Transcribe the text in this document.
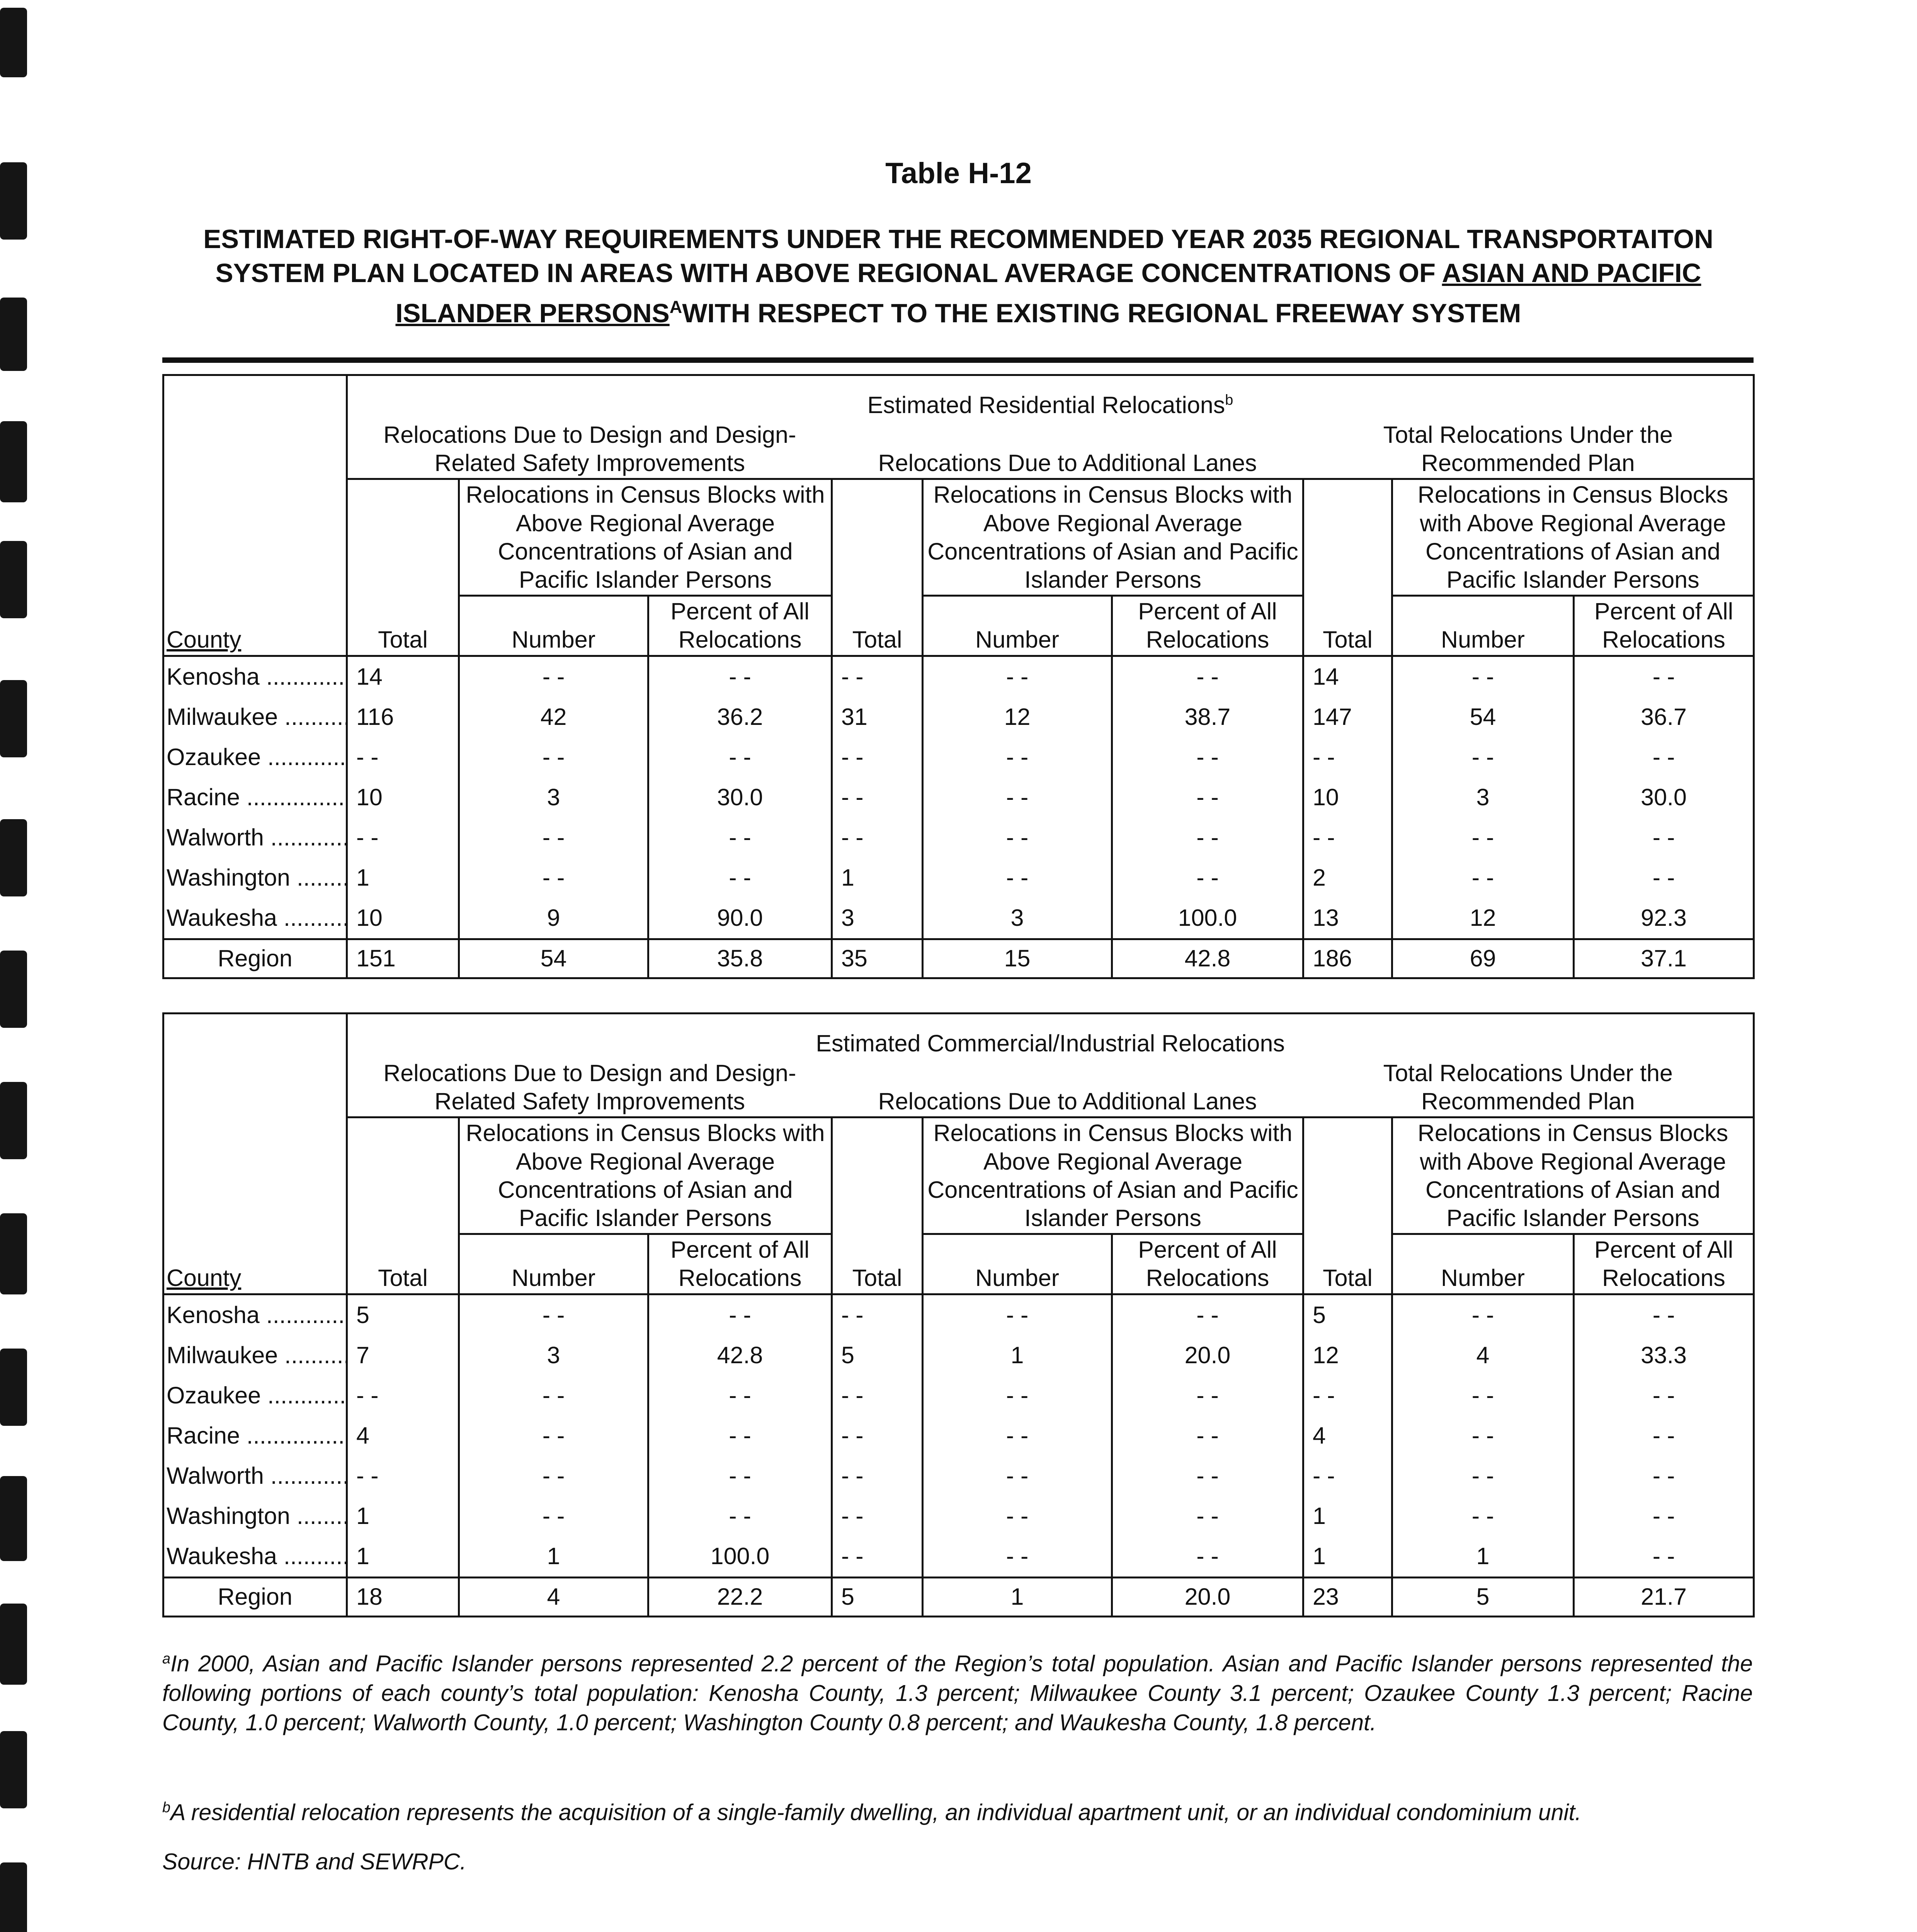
Table H-12
ESTIMATED RIGHT-OF-WAY REQUIREMENTS UNDER THE RECOMMENDED YEAR 2035 REGIONAL TRANSPORTAITON SYSTEM PLAN LOCATED IN AREAS WITH ABOVE REGIONAL AVERAGE CONCENTRATIONS OF ASIAN AND PACIFIC ISLANDER $PERSONS^AWITH$ RESPECT TO THE EXISTING REGIONAL FREEWAY SYSTEM
County	Estimated Residential Relocations$^b$
	Relocations Due to Design and Design-Related Safety Improvements			Relocations Due to Additional Lanes			Total Relocations Under the Recommended Plan		
	Total	Relocations in Census Blocks with Above Regional Average Concentrations of Asian and Pacific Islander Persons		Total	Relocations in Census Blocks with Above Regional Average Concentrations of Asian and Pacific Islander Persons		Total	Relocations in Census Blocks with Above Regional Average Concentrations of Asian and Pacific Islander Persons	
		Number	Percent of All Relocations		Number	Percent of All Relocations		Number	Percent of All Relocations

Kenosha .....	14	- -	- -	- -	- -	- -	14	- -	- -
Milwaukee .....	116	42	36.2	31	12	38.7	147	54	36.7
Ozaukee .....	- -	- -	- -	- -	- -	- -	- -	- -	- -
Racine .....	10	3	30.0	- -	- -	- -	10	3	30.0
Walworth .....	- -	- -	- -	- -	- -	- -	- -	- -	- -
Washington .....	1	- -	- -	1	- -	- -	2	- -	- -
Waukesha .....	10	9	90.0	3	3	100.0	13	12	92.3
Region	151	54	35.8	35	15	42.8	186	69	37.1
County	Estimated Commercial/Industrial Relocations								
	Relocations Due to Design and Design-Related Safety Improvements			Relocations Due to Additional Lanes			Total Relocations Under the Recommended Plan		
	Total	Relocations in Census Blocks with Above Regional Average Concentrations of Asian and Pacific Islander Persons		Total	Relocations in Census Blocks with Above Regional Average Concentrations of Asian and Pacific Islander Persons		Total	Relocations in Census Blocks with Above Regional Average Concentrations of Asian and Pacific Islander Persons	
		Number	Percent of All Relocations		Number	Percent of All Relocations		Number	Percent of All Relocations

Kenosha .....	5	- -	- -	- -	- -	- -	5	- -	- -
Milwaukee .....	7	3	42.8	5	1	20.0	12	4	33.3
Ozaukee .....	- -	- -	- -	- -	- -	- -	- -	- -	- -
Racine .....	4	- -	- -	- -	- -	- -	4	- -	- -
Walworth .....	- -	- -	- -	- -	- -	- -	- -	- -	- -
Washington .....	1	- -	- -	- -	- -	- -	1	- -	- -
Waukesha .....	1	1	100.0	- -	- -	- -	1	1	- -
Region	18	4	22.2	5	1	20.0	23	5	21.7
$^a$In 2000, Asian and Pacific Islander persons represented 2.2 percent of the Region’s total population. Asian and Pacific Islander persons represented the following portions of each county’s total population: Kenosha County, 1.3 percent; Milwaukee County 3.1 percent; Ozaukee County 1.3 percent; Racine County, 1.0 percent; Walworth County, 1.0 percent; Washington County 0.8 percent; and Waukesha County, 1.8 percent.
$^b$A residential relocation represents the acquisition of a single-family dwelling, an individual apartment unit, or an individual condominium unit.
Source: HNTB and SEWRPC.
